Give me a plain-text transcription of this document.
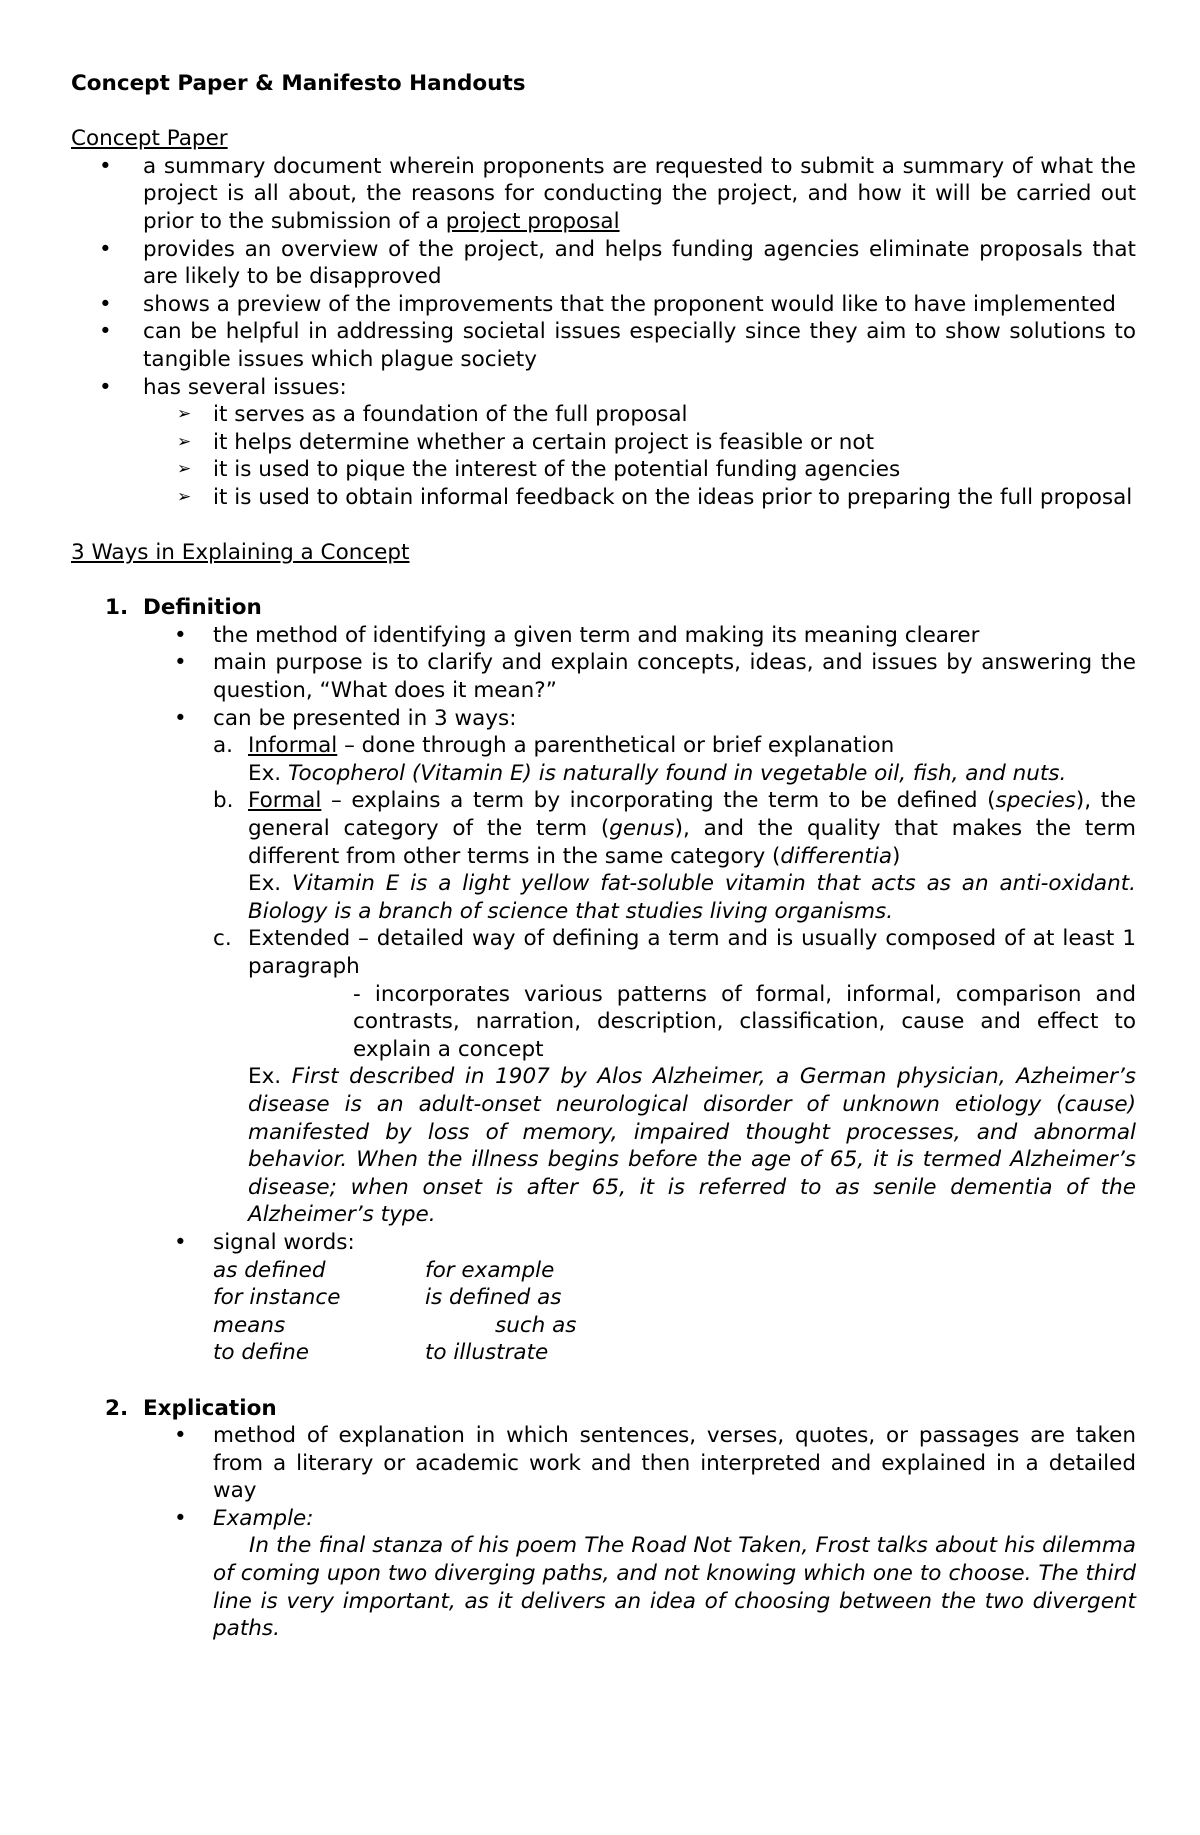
Concept Paper & Manifesto Handouts
Concept Paper
• a summary document wherein proponents are requested to submit a summary of what the project is all about, the reasons for conducting the project, and how it will be carried out prior to the submission of a project proposal
• provides an overview of the project, and helps funding agencies eliminate proposals that are likely to be disapproved
• shows a preview of the improvements that the proponent would like to have implemented
• can be helpful in addressing societal issues especially since they aim to show solutions to tangible issues which plague society
• has several issues:
➢ it serves as a foundation of the full proposal
➢ it helps determine whether a certain project is feasible or not
➢ it is used to pique the interest of the potential funding agencies
➢ it is used to obtain informal feedback on the ideas prior to preparing the full proposal
3 Ways in Explaining a Concept
1. Definition
• the method of identifying a given term and making its meaning clearer
• main purpose is to clarify and explain concepts, ideas, and issues by answering the question, “What does it mean?”
• can be presented in 3 ways:
a. Informal – done through a parenthetical or brief explanation
Ex. Tocopherol (Vitamin E) is naturally found in vegetable oil, fish, and nuts.
b. Formal – explains a term by incorporating the term to be defined (species), the general category of the term (genus), and the quality that makes the term different from other terms in the same category (differentia)
Ex. Vitamin E is a light yellow fat-soluble vitamin that acts as an anti-oxidant. Biology is a branch of science that studies living organisms.
c. Extended – detailed way of defining a term and is usually composed of at least 1 paragraph
- incorporates various patterns of formal, informal, comparison and contrasts, narration, description, classification, cause and effect to explain a concept
Ex. First described in 1907 by Alos Alzheimer, a German physician, Azheimer’s disease is an adult-onset neurological disorder of unknown etiology (cause) manifested by loss of memory, impaired thought processes, and abnormal behavior. When the illness begins before the age of 65, it is termed Alzheimer’s disease; when onset is after 65, it is referred to as senile dementia of the Alzheimer’s type.
• signal words:
as defined	for example
for instance	is defined as
means	such as
to define	to illustrate
2. Explication
• method of explanation in which sentences, verses, quotes, or passages are taken from a literary or academic work and then interpreted and explained in a detailed way
• Example:
In the final stanza of his poem The Road Not Taken, Frost talks about his dilemma of coming upon two diverging paths, and not knowing which one to choose. The third line is very important, as it delivers an idea of choosing between the two divergent paths.
